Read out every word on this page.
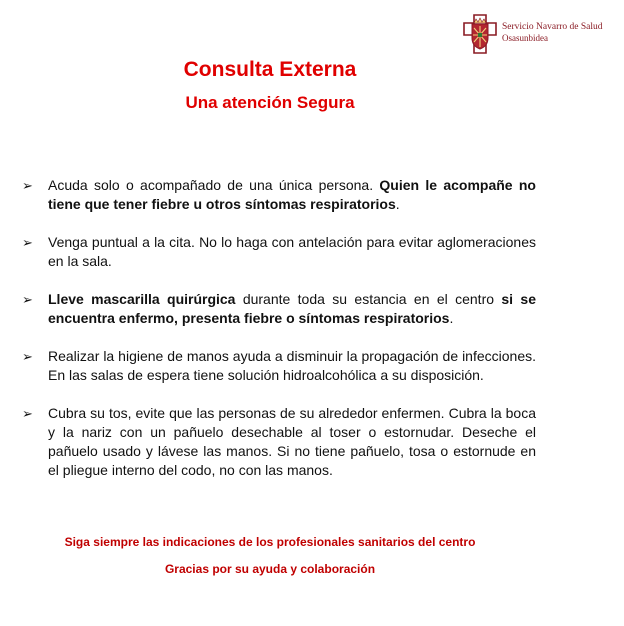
Servicio Navarro de Salud
Osasunbidea
Consulta Externa
Una atención Segura
➢ Acuda solo o acompañado de una única persona. Quien le acompañe no tiene que tener fiebre u otros síntomas respiratorios.
➢ Venga puntual a la cita. No lo haga con antelación para evitar aglomeraciones en la sala.
➢ Lleve mascarilla quirúrgica durante toda su estancia en el centro si se encuentra enfermo, presenta fiebre o síntomas respiratorios.
➢ Realizar la higiene de manos ayuda a disminuir la propagación de infecciones. En las salas de espera tiene solución hidroalcohólica a su disposición.
➢ Cubra su tos, evite que las personas de su alrededor enfermen. Cubra la boca y la nariz con un pañuelo desechable al toser o estornudar. Deseche el pañuelo usado y lávese las manos. Si no tiene pañuelo, tosa o estornude en el pliegue interno del codo, no con las manos.
Siga siempre las indicaciones de los profesionales sanitarios del centro
Gracias por su ayuda y colaboración
